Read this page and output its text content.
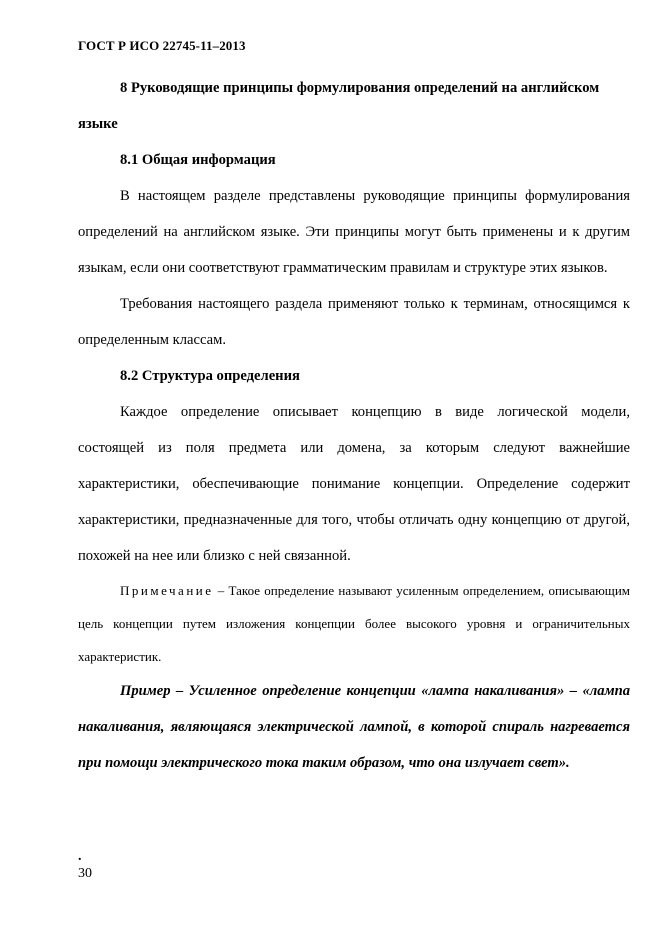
ГОСТ Р ИСО 22745-11–2013

8 Руководящие принципы формулирования определений на английском языке

8.1 Общая информация

В настоящем разделе представлены руководящие принципы формулирования определений на английском языке. Эти принципы могут быть применены и к другим языкам, если они соответствуют грамматическим правилам и структуре этих языков.

Требования настоящего раздела применяют только к терминам, относящимся к определенным классам.

8.2 Структура определения

Каждое определение описывает концепцию в виде логической модели, состоящей из поля предмета или домена, за которым следуют важнейшие характеристики, обеспечивающие понимание концепции. Определение содержит характеристики, предназначенные для того, чтобы отличать одну концепцию от другой, похожей на нее или близко с ней связанной.

Примечание – Такое определение называют усиленным определением, описывающим цель концепции путем изложения концепции более высокого уровня и ограничительных характеристик.

Пример – Усиленное определение концепции «лампа накаливания» – «лампа накаливания, являющаяся электрической лампой, в которой спираль нагревается при помощи электрического тока таким образом, что она излучает свет».

.
30
